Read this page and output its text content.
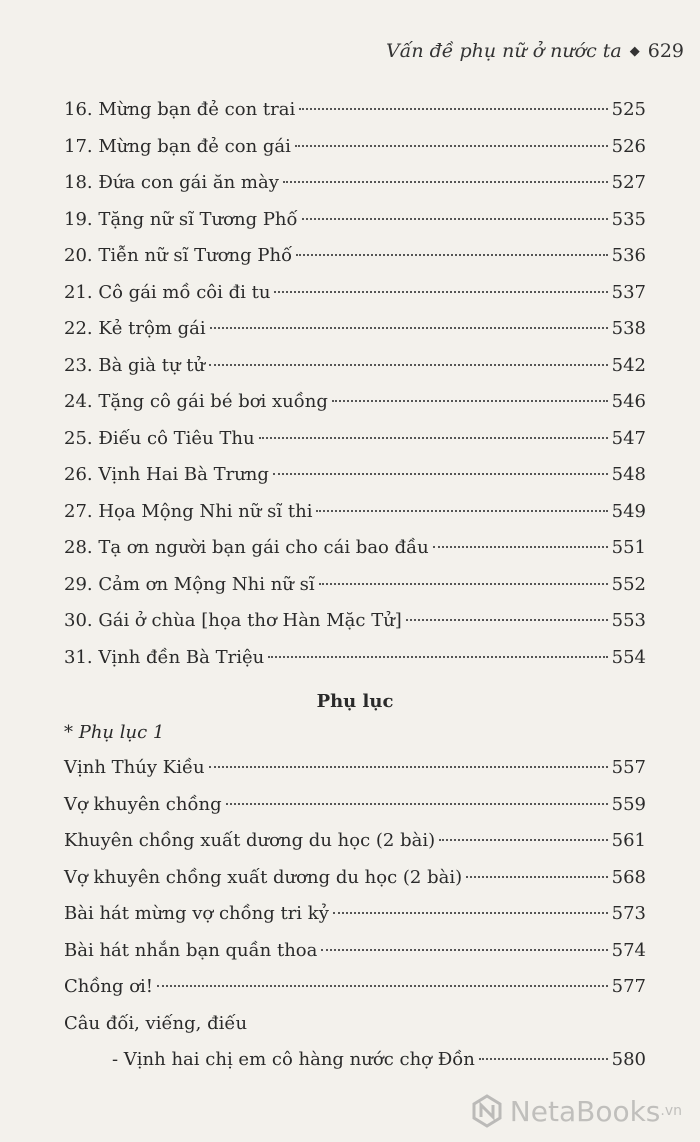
Vấn đề phụ nữ ở nước ta ◆ 629
16. Mừng bạn đẻ con trai	525
17. Mừng bạn đẻ con gái	526
18. Đứa con gái ăn mày	527
19. Tặng nữ sĩ Tương Phố	535
20. Tiễn nữ sĩ Tương Phố	536
21. Cô gái mồ côi đi tu	537
22. Kẻ trộm gái	538
23. Bà già tự tử	542
24. Tặng cô gái bé bơi xuồng	546
25. Điếu cô Tiêu Thu	547
26. Vịnh Hai Bà Trưng	548
27. Họa Mộng Nhi nữ sĩ thi	549
28. Tạ ơn người bạn gái cho cái bao đầu	551
29. Cảm ơn Mộng Nhi nữ sĩ	552
30. Gái ở chùa [họa thơ Hàn Mặc Tử]	553
31. Vịnh đền Bà Triệu	554
Phụ lục
* Phụ lục 1
Vịnh Thúy Kiều	557
Vợ khuyên chồng	559
Khuyên chồng xuất dương du học (2 bài)	561
Vợ khuyên chồng xuất dương du học (2 bài)	568
Bài hát mừng vợ chồng tri kỷ	573
Bài hát nhắn bạn quần thoa	574
Chồng ơi!	577
Câu đối, viếng, điếu
- Vịnh hai chị em cô hàng nước chợ Đồn	580
NetaBooks .vn
